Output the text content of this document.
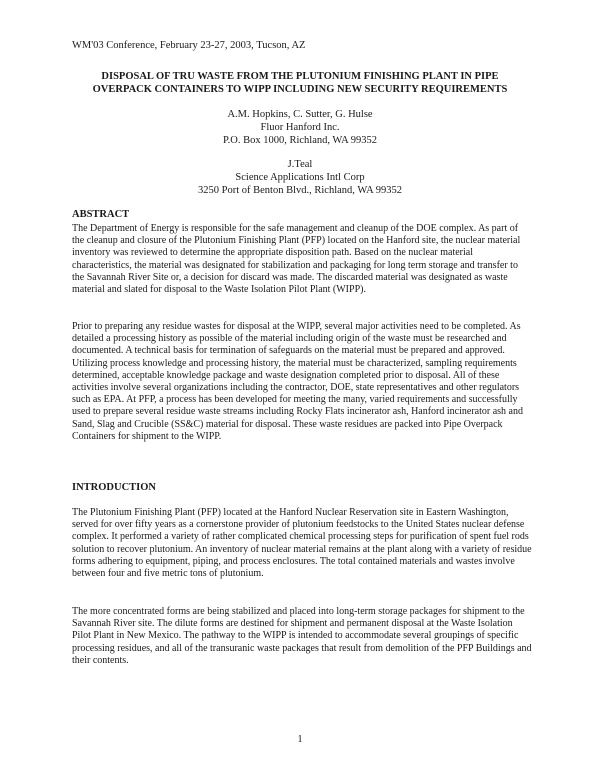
WM'03 Conference, February 23-27, 2003, Tucson, AZ
DISPOSAL OF TRU WASTE FROM THE PLUTONIUM FINISHING PLANT IN PIPE
OVERPACK CONTAINERS TO WIPP INCLUDING NEW SECURITY REQUIREMENTS
A.M. Hopkins, C. Sutter, G. Hulse
Fluor Hanford Inc.
P.O. Box 1000, Richland, WA 99352
J.Teal
Science Applications Intl Corp
3250 Port of Benton Blvd., Richland, WA 99352
ABSTRACT

The Department of Energy is responsible for the safe management and cleanup of the DOE complex. As part of the cleanup and closure of the Plutonium Finishing Plant (PFP) located on the Hanford site, the nuclear material inventory was reviewed to determine the appropriate disposition path. Based on the nuclear material characteristics, the material was designated for stabilization and packaging for long term storage and transfer to the Savannah River Site or, a decision for discard was made. The discarded material was designated as waste material and slated for disposal to the Waste Isolation Pilot Plant (WIPP).

Prior to preparing any residue wastes for disposal at the WIPP, several major activities need to be completed. As detailed a processing history as possible of the material including origin of the waste must be researched and documented. A technical basis for termination of safeguards on the material must be prepared and approved. Utilizing process knowledge and processing history, the material must be characterized, sampling requirements determined, acceptable knowledge package and waste designation completed prior to disposal. All of these activities involve several organizations including the contractor, DOE, state representatives and other regulators such as EPA. At PFP, a process has been developed for meeting the many, varied requirements and successfully used to prepare several residue waste streams including Rocky Flats incinerator ash, Hanford incinerator ash and Sand, Slag and Crucible (SS&C) material for disposal. These waste residues are packed into Pipe Overpack Containers for shipment to the WIPP.

INTRODUCTION

The Plutonium Finishing Plant (PFP) located at the Hanford Nuclear Reservation site in Eastern Washington, served for over fifty years as a cornerstone provider of plutonium feedstocks to the United States nuclear defense complex. It performed a variety of rather complicated chemical processing steps for purification of spent fuel rods solution to recover plutonium. An inventory of nuclear material remains at the plant along with a variety of residue forms adhering to equipment, piping, and process enclosures. The total contained materials and wastes involve between four and five metric tons of plutonium.

The more concentrated forms are being stabilized and placed into long-term storage packages for shipment to the Savannah River site. The dilute forms are destined for shipment and permanent disposal at the Waste Isolation Pilot Plant in New Mexico. The pathway to the WIPP is intended to accommodate several groupings of specific processing residues, and all of the transuranic waste packages that result from demolition of the PFP Buildings and their contents.

1
